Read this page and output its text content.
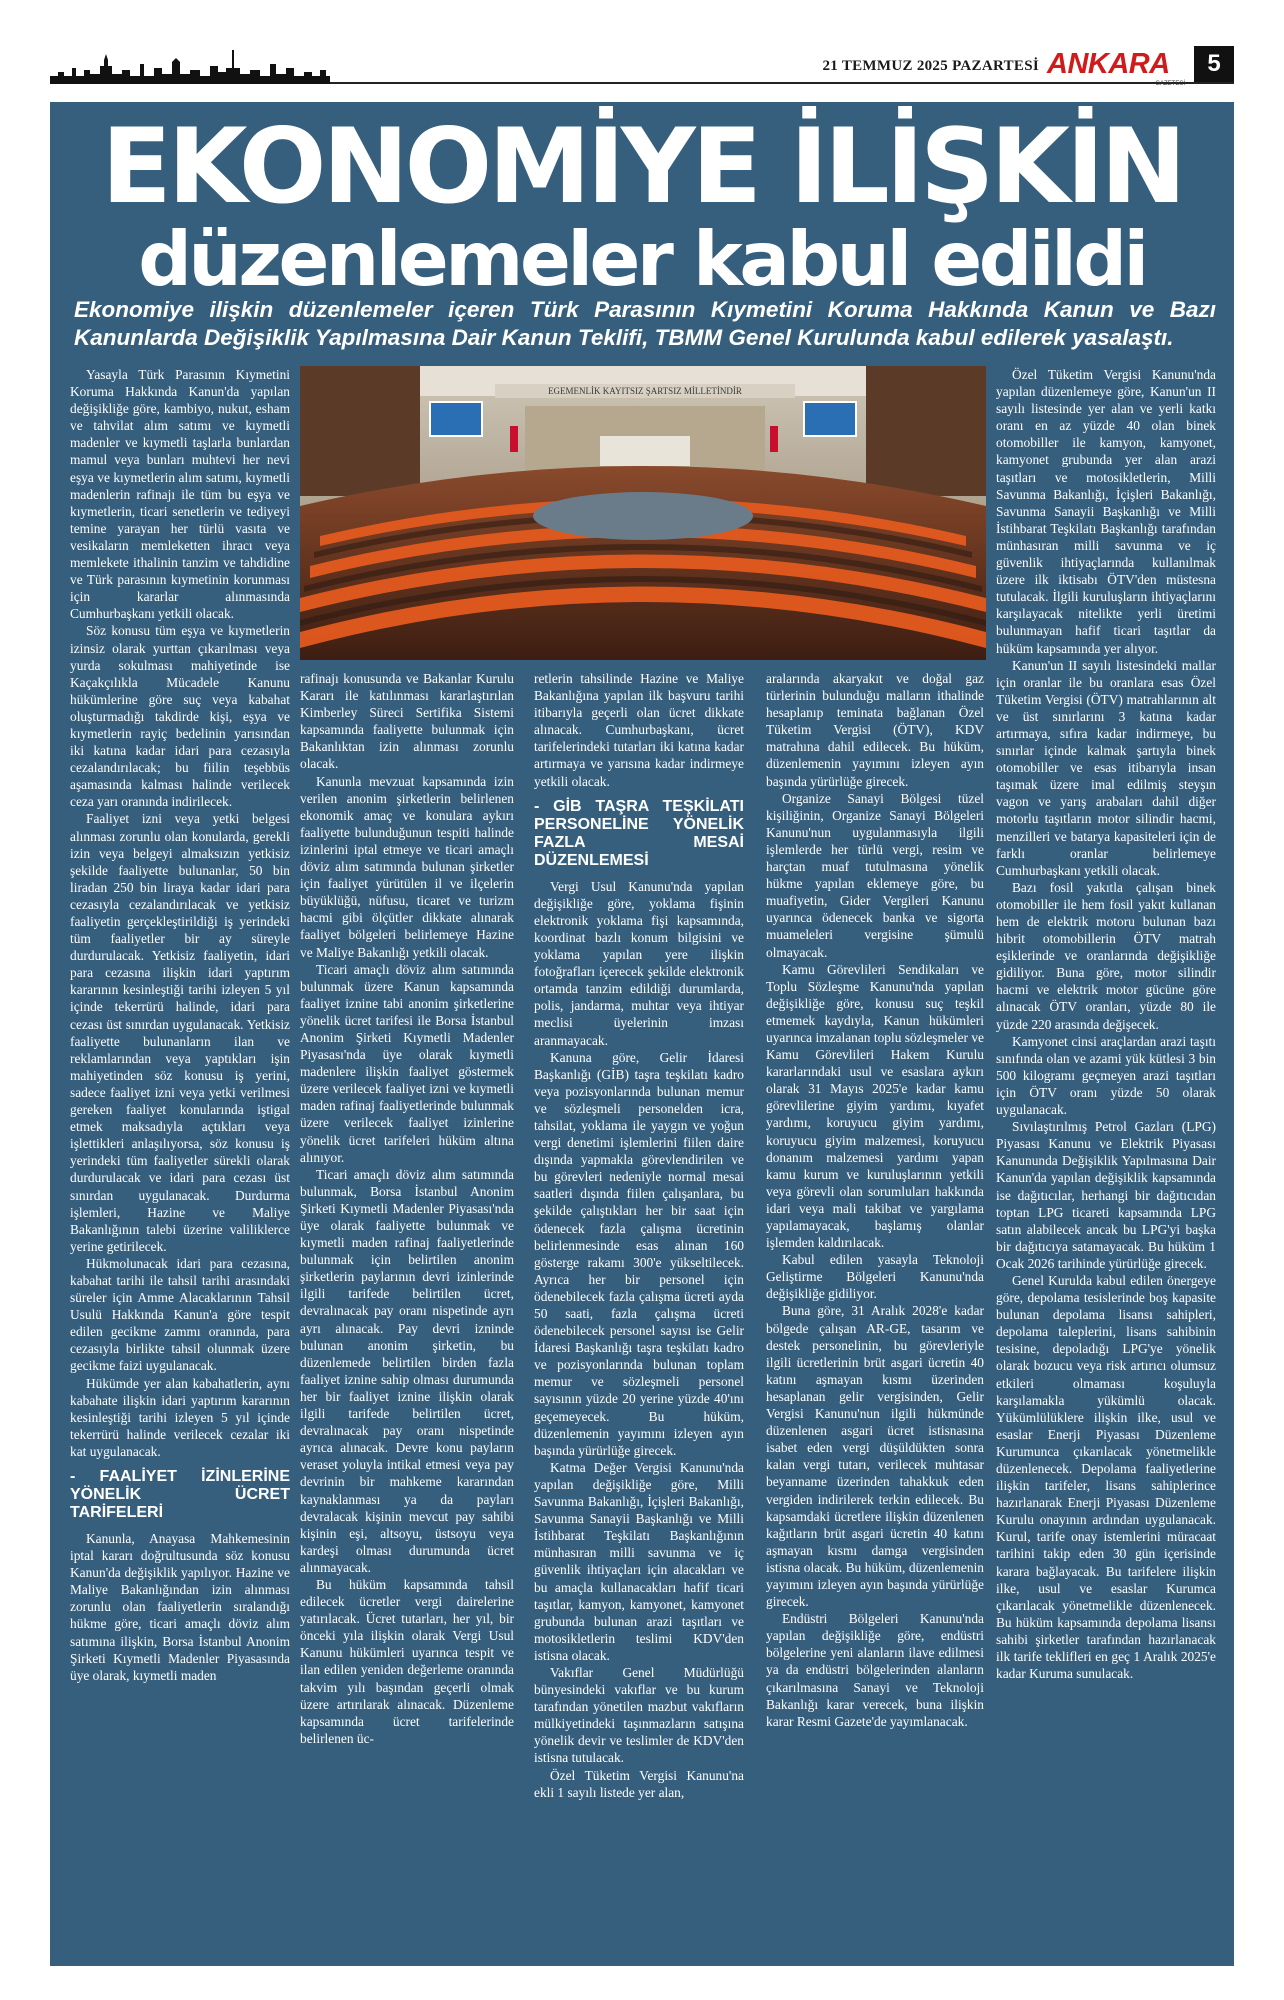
21 TEMMUZ 2025 PAZARTESİ ANKARA
GAZETESİ
5
EKONOMİYE İLİŞKİN
düzenlemeler kabul edildi
Ekonomiye ilişkin düzenlemeler içeren Türk Parasının Kıymetini Koruma Hakkında Kanun ve Bazı Kanunlarda Değişiklik Yapılmasına Dair Kanun Teklifi, TBMM Genel Kurulunda kabul edilerek yasalaştı.
EGEMENLİK KAYITSIZ ŞARTSIZ MİLLETİNDİR

Yasayla Türk Parasının Kıymetini Koruma Hakkında Kanun'da yapılan değişikliğe göre, kambiyo, nukut, esham ve tahvilat alım satımı ve kıymetli madenler ve kıymetli taşlarla bunlardan mamul veya bunları muhtevi her nevi eşya ve kıymetlerin alım satımı, kıymetli madenlerin rafinajı ile tüm bu eşya ve kıymetlerin, ticari senetlerin ve tediyeyi temine yarayan her türlü vasıta ve vesikaların memleketten ihracı veya memlekete ithalinin tanzim ve tahdidine ve Türk parasının kıymetinin korunması için kararlar alınmasında Cumhurbaşkanı yetkili olacak.

Söz konusu tüm eşya ve kıymetlerin izinsiz olarak yurttan çıkarılması veya yurda sokulması mahiyetinde ise Kaçakçılıkla Mücadele Kanunu hükümlerine göre suç veya kabahat oluşturmadığı takdirde kişi, eşya ve kıymetlerin rayiç bedelinin yarısından iki katına kadar idari para cezasıyla cezalandırılacak; bu fiilin teşebbüs aşamasında kalması halinde verilecek ceza yarı oranında indirilecek.

Faaliyet izni veya yetki belgesi alınması zorunlu olan konularda, gerekli izin veya belgeyi almaksızın yetkisiz şekilde faaliyette bulunanlar, 50 bin liradan 250 bin liraya kadar idari para cezasıyla cezalandırılacak ve yetkisiz faaliyetin gerçekleştirildiği iş yerindeki tüm faaliyetler bir ay süreyle durdurulacak. Yetkisiz faaliyetin, idari para cezasına ilişkin idari yaptırım kararının kesinleştiği tarihi izleyen 5 yıl içinde tekerrürü halinde, idari para cezası üst sınırdan uygulanacak. Yetkisiz faaliyette bulunanların ilan ve reklamlarından veya yaptıkları işin mahiyetinden söz konusu iş yerini, sadece faaliyet izni veya yetki verilmesi gereken faaliyet konularında iştigal etmek maksadıyla açtıkları veya işlettikleri anlaşılıyorsa, söz konusu iş yerindeki tüm faaliyetler sürekli olarak durdurulacak ve idari para cezası üst sınırdan uygulanacak. Durdurma işlemleri, Hazine ve Maliye Bakanlığının talebi üzerine valiliklerce yerine getirilecek.

Hükmolunacak idari para cezasına, kabahat tarihi ile tahsil tarihi arasındaki süreler için Amme Alacaklarının Tahsil Usulü Hakkında Kanun'a göre tespit edilen gecikme zammı oranında, para cezasıyla birlikte tahsil olunmak üzere gecikme faizi uygulanacak.

Hükümde yer alan kabahatlerin, aynı kabahate ilişkin idari yaptırım kararının kesinleştiği tarihi izleyen 5 yıl içinde tekerrürü halinde verilecek cezalar iki kat uygulanacak.

- FAALİYET İZİNLERİNE YÖNELİK ÜCRET TARİFELERİ

Kanunla, Anayasa Mahkemesinin iptal kararı doğrultusunda söz konusu Kanun'da değişiklik yapılıyor. Hazine ve Maliye Bakanlığından izin alınması zorunlu olan faaliyetlerin sıralandığı hükme göre, ticari amaçlı döviz alım satımına ilişkin, Borsa İstanbul Anonim Şirketi Kıymetli Madenler Piyasasında üye olarak, kıymetli maden

rafinajı konusunda ve Bakanlar Kurulu Kararı ile katılınması kararlaştırılan Kimberley Süreci Sertifika Sistemi kapsamında faaliyette bulunmak için Bakanlıktan izin alınması zorunlu olacak.

Kanunla mevzuat kapsamında izin verilen anonim şirketlerin belirlenen ekonomik amaç ve konulara aykırı faaliyette bulunduğunun tespiti halinde izinlerini iptal etmeye ve ticari amaçlı döviz alım satımında bulunan şirketler için faaliyet yürütülen il ve ilçelerin büyüklüğü, nüfusu, ticaret ve turizm hacmi gibi ölçütler dikkate alınarak faaliyet bölgeleri belirlemeye Hazine ve Maliye Bakanlığı yetkili olacak.

Ticari amaçlı döviz alım satımında bulunmak üzere Kanun kapsamında faaliyet iznine tabi anonim şirketlerine yönelik ücret tarifesi ile Borsa İstanbul Anonim Şirketi Kıymetli Madenler Piyasası'nda üye olarak kıymetli madenlere ilişkin faaliyet göstermek üzere verilecek faaliyet izni ve kıymetli maden rafinaj faaliyetlerinde bulunmak üzere verilecek faaliyet izinlerine yönelik ücret tarifeleri hüküm altına alınıyor.

Ticari amaçlı döviz alım satımında bulunmak, Borsa İstanbul Anonim Şirketi Kıymetli Madenler Piyasası'nda üye olarak faaliyette bulunmak ve kıymetli maden rafinaj faaliyetlerinde bulunmak için belirtilen anonim şirketlerin paylarının devri izinlerinde ilgili tarifede belirtilen ücret, devralınacak pay oranı nispetinde ayrı ayrı alınacak. Pay devri izninde bulunan anonim şirketin, bu düzenlemede belirtilen birden fazla faaliyet iznine sahip olması durumunda her bir faaliyet iznine ilişkin olarak ilgili tarifede belirtilen ücret, devralınacak pay oranı nispetinde ayrıca alınacak. Devre konu payların veraset yoluyla intikal etmesi veya pay devrinin bir mahkeme kararından kaynaklanması ya da payları devralacak kişinin mevcut pay sahibi kişinin eşi, altsoyu, üstsoyu veya kardeşi olması durumunda ücret alınmayacak.

Bu hüküm kapsamında tahsil edilecek ücretler vergi dairelerine yatırılacak. Ücret tutarları, her yıl, bir önceki yıla ilişkin olarak Vergi Usul Kanunu hükümleri uyarınca tespit ve ilan edilen yeniden değerleme oranında takvim yılı başından geçerli olmak üzere artırılarak alınacak. Düzenleme kapsamında ücret tarifelerinde belirlenen üc-

retlerin tahsilinde Hazine ve Maliye Bakanlığına yapılan ilk başvuru tarihi itibarıyla geçerli olan ücret dikkate alınacak. Cumhurbaşkanı, ücret tarifelerindeki tutarları iki katına kadar artırmaya ve yarısına kadar indirmeye yetkili olacak.

- GİB TAŞRA TEŞKİLATI PERSONELİNE YÖNELİK FAZLA MESAİ DÜZENLEMESİ

Vergi Usul Kanunu'nda yapılan değişikliğe göre, yoklama fişinin elektronik yoklama fişi kapsamında, koordinat bazlı konum bilgisini ve yoklama yapılan yere ilişkin fotoğrafları içerecek şekilde elektronik ortamda tanzim edildiği durumlarda, polis, jandarma, muhtar veya ihtiyar meclisi üyelerinin imzası aranmayacak.

Kanuna göre, Gelir İdaresi Başkanlığı (GİB) taşra teşkilatı kadro veya pozisyonlarında bulunan memur ve sözleşmeli personelden icra, tahsilat, yoklama ile yaygın ve yoğun vergi denetimi işlemlerini fiilen daire dışında yapmakla görevlendirilen ve bu görevleri nedeniyle normal mesai saatleri dışında fiilen çalışanlara, bu şekilde çalıştıkları her bir saat için ödenecek fazla çalışma ücretinin belirlenmesinde esas alınan 160 gösterge rakamı 300'e yükseltilecek. Ayrıca her bir personel için ödenebilecek fazla çalışma ücreti ayda 50 saati, fazla çalışma ücreti ödenebilecek personel sayısı ise Gelir İdaresi Başkanlığı taşra teşkilatı kadro ve pozisyonlarında bulunan toplam memur ve sözleşmeli personel sayısının yüzde 20 yerine yüzde 40'ını geçemeyecek. Bu hüküm, düzenlemenin yayımını izleyen ayın başında yürürlüğe girecek.

Katma Değer Vergisi Kanunu'nda yapılan değişikliğe göre, Milli Savunma Bakanlığı, İçişleri Bakanlığı, Savunma Sanayii Başkanlığı ve Milli İstihbarat Teşkilatı Başkanlığının münhasıran milli savunma ve iç güvenlik ihtiyaçları için alacakları ve bu amaçla kullanacakları hafif ticari taşıtlar, kamyon, kamyonet, kamyonet grubunda bulunan arazi taşıtları ve motosikletlerin teslimi KDV'den istisna olacak.

Vakıflar Genel Müdürlüğü bünyesindeki vakıflar ve bu kurum tarafından yönetilen mazbut vakıfların mülkiyetindeki taşınmazların satışına yönelik devir ve teslimler de KDV'den istisna tutulacak.

Özel Tüketim Vergisi Kanunu'na ekli 1 sayılı listede yer alan,

aralarında akaryakıt ve doğal gaz türlerinin bulunduğu malların ithalinde hesaplanıp teminata bağlanan Özel Tüketim Vergisi (ÖTV), KDV matrahına dahil edilecek. Bu hüküm, düzenlemenin yayımını izleyen ayın başında yürürlüğe girecek.

Organize Sanayi Bölgesi tüzel kişiliğinin, Organize Sanayi Bölgeleri Kanunu'nun uygulanmasıyla ilgili işlemlerde her türlü vergi, resim ve harçtan muaf tutulmasına yönelik hükme yapılan eklemeye göre, bu muafiyetin, Gider Vergileri Kanunu uyarınca ödenecek banka ve sigorta muameleleri vergisine şümulü olmayacak.

Kamu Görevlileri Sendikaları ve Toplu Sözleşme Kanunu'nda yapılan değişikliğe göre, konusu suç teşkil etmemek kaydıyla, Kanun hükümleri uyarınca imzalanan toplu sözleşmeler ve Kamu Görevlileri Hakem Kurulu kararlarındaki usul ve esaslara aykırı olarak 31 Mayıs 2025'e kadar kamu görevlilerine giyim yardımı, kıyafet yardımı, koruyucu giyim yardımı, koruyucu giyim malzemesi, koruyucu donanım malzemesi yardımı yapan kamu kurum ve kuruluşlarının yetkili veya görevli olan sorumluları hakkında idari veya mali takibat ve yargılama yapılamayacak, başlamış olanlar işlemden kaldırılacak.

Kabul edilen yasayla Teknoloji Geliştirme Bölgeleri Kanunu'nda değişikliğe gidiliyor.

Buna göre, 31 Aralık 2028'e kadar bölgede çalışan AR-GE, tasarım ve destek personelinin, bu görevleriyle ilgili ücretlerinin brüt asgari ücretin 40 katını aşmayan kısmı üzerinden hesaplanan gelir vergisinden, Gelir Vergisi Kanunu'nun ilgili hükmünde düzenlenen asgari ücret istisnasına isabet eden vergi düşüldükten sonra kalan vergi tutarı, verilecek muhtasar beyanname üzerinden tahakkuk eden vergiden indirilerek terkin edilecek. Bu kapsamdaki ücretlere ilişkin düzenlenen kağıtların brüt asgari ücretin 40 katını aşmayan kısmı damga vergisinden istisna olacak. Bu hüküm, düzenlemenin yayımını izleyen ayın başında yürürlüğe girecek.

Endüstri Bölgeleri Kanunu'nda yapılan değişikliğe göre, endüstri bölgelerine yeni alanların ilave edilmesi ya da endüstri bölgelerinden alanların çıkarılmasına Sanayi ve Teknoloji Bakanlığı karar verecek, buna ilişkin karar Resmi Gazete'de yayımlanacak.

Özel Tüketim Vergisi Kanunu'nda yapılan düzenlemeye göre, Kanun'un II sayılı listesinde yer alan ve yerli katkı oranı en az yüzde 40 olan binek otomobiller ile kamyon, kamyonet, kamyonet grubunda yer alan arazi taşıtları ve motosikletlerin, Milli Savunma Bakanlığı, İçişleri Bakanlığı, Savunma Sanayii Başkanlığı ve Milli İstihbarat Teşkilatı Başkanlığı tarafından münhasıran milli savunma ve iç güvenlik ihtiyaçlarında kullanılmak üzere ilk iktisabı ÖTV'den müstesna tutulacak. İlgili kuruluşların ihtiyaçlarını karşılayacak nitelikte yerli üretimi bulunmayan hafif ticari taşıtlar da hüküm kapsamında yer alıyor.

Kanun'un II sayılı listesindeki mallar için oranlar ile bu oranlara esas Özel Tüketim Vergisi (ÖTV) matrahlarının alt ve üst sınırlarını 3 katına kadar artırmaya, sıfıra kadar indirmeye, bu sınırlar içinde kalmak şartıyla binek otomobiller ve esas itibarıyla insan taşımak üzere imal edilmiş steyşın vagon ve yarış arabaları dahil diğer motorlu taşıtların motor silindir hacmi, menzilleri ve batarya kapasiteleri için de farklı oranlar belirlemeye Cumhurbaşkanı yetkili olacak.

Bazı fosil yakıtla çalışan binek otomobiller ile hem fosil yakıt kullanan hem de elektrik motoru bulunan bazı hibrit otomobillerin ÖTV matrah eşiklerinde ve oranlarında değişikliğe gidiliyor. Buna göre, motor silindir hacmi ve elektrik motor gücüne göre alınacak ÖTV oranları, yüzde 80 ile yüzde 220 arasında değişecek.

Kamyonet cinsi araçlardan arazi taşıtı sınıfında olan ve azami yük kütlesi 3 bin 500 kilogramı geçmeyen arazi taşıtları için ÖTV oranı yüzde 50 olarak uygulanacak.

Sıvılaştırılmış Petrol Gazları (LPG) Piyasası Kanunu ve Elektrik Piyasası Kanununda Değişiklik Yapılmasına Dair Kanun'da yapılan değişiklik kapsamında ise dağıtıcılar, herhangi bir dağıtıcıdan toptan LPG ticareti kapsamında LPG satın alabilecek ancak bu LPG'yi başka bir dağıtıcıya satamayacak. Bu hüküm 1 Ocak 2026 tarihinde yürürlüğe girecek.

Genel Kurulda kabul edilen önergeye göre, depolama tesislerinde boş kapasite bulunan depolama lisansı sahipleri, depolama taleplerini, lisans sahibinin tesisine, depoladığı LPG'ye yönelik olarak bozucu veya risk artırıcı olumsuz etkileri olmaması koşuluyla karşılamakla yükümlü olacak. Yükümlülüklere ilişkin ilke, usul ve esaslar Enerji Piyasası Düzenleme Kurumunca çıkarılacak yönetmelikle düzenlenecek. Depolama faaliyetlerine ilişkin tarifeler, lisans sahiplerince hazırlanarak Enerji Piyasası Düzenleme Kurulu onayının ardından uygulanacak. Kurul, tarife onay istemlerini müracaat tarihini takip eden 30 gün içerisinde karara bağlayacak. Bu tarifelere ilişkin ilke, usul ve esaslar Kurumca çıkarılacak yönetmelikle düzenlenecek. Bu hüküm kapsamında depolama lisansı sahibi şirketler tarafından hazırlanacak ilk tarife teklifleri en geç 1 Aralık 2025'e kadar Kuruma sunulacak.
